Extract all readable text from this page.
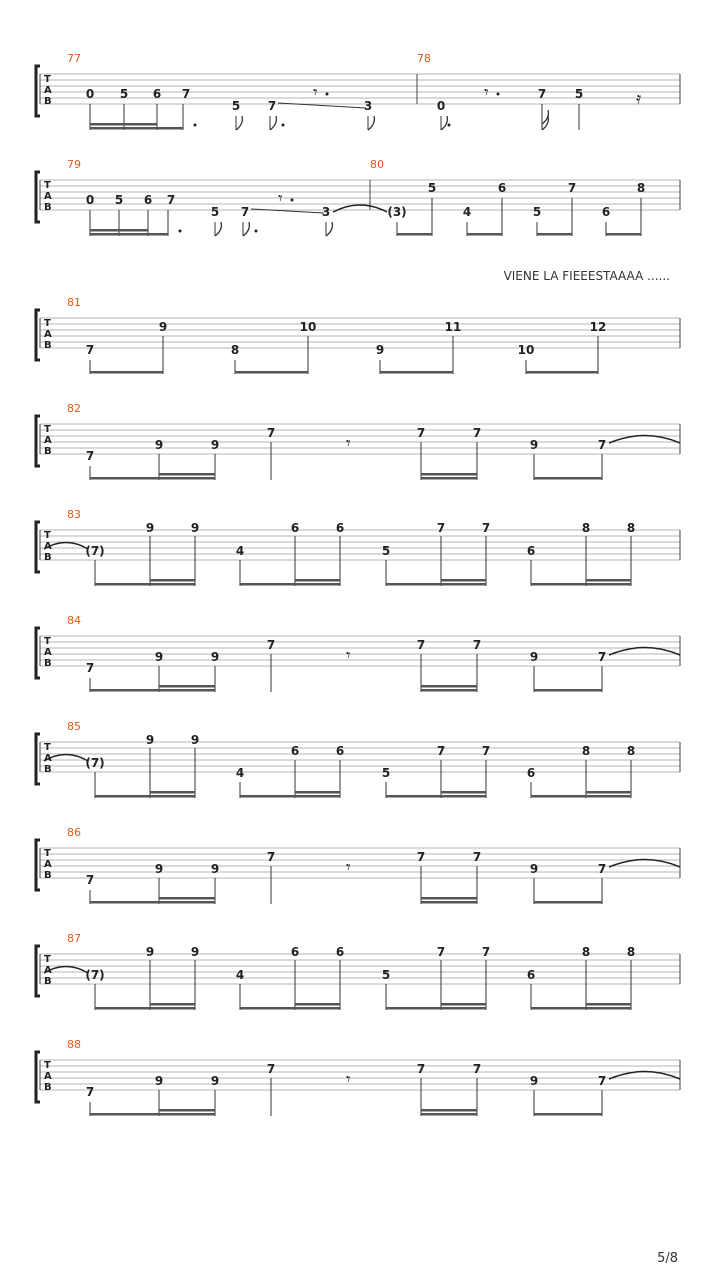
T
A
B
77	78
0 5 6 7
5 7	3
𝄾
0
7 5
𝄾	𝄿
T
A
B
79	80
0 5 6 7
5 7	3
𝄾
(3)
5
4
6
5
7
6
8
VIENE LA FIEEESTAAAA ......
T
A
B
81
7
9
8
10
9
11
10
12
T
A
B
82
7
9	9
7	7	7
9	7
𝄾
T
A
B
83
(7)
9	9
4
6	6
5
7	7
6
8	8
T
A
B
84
7
9	9
7	7	7
9	7
𝄾
T
A
B
85
(7)
9	9
4
6	6
5
7	7
6
8	8
T
A
B
86
7
9	9
7	7	7
9	7
𝄾
T
A
B
87
(7)
9	9
4
6	6
5
7	7
6
8	8
T
A
B
88
7
9	9
7	7	7
9	7
𝄾
5/8
